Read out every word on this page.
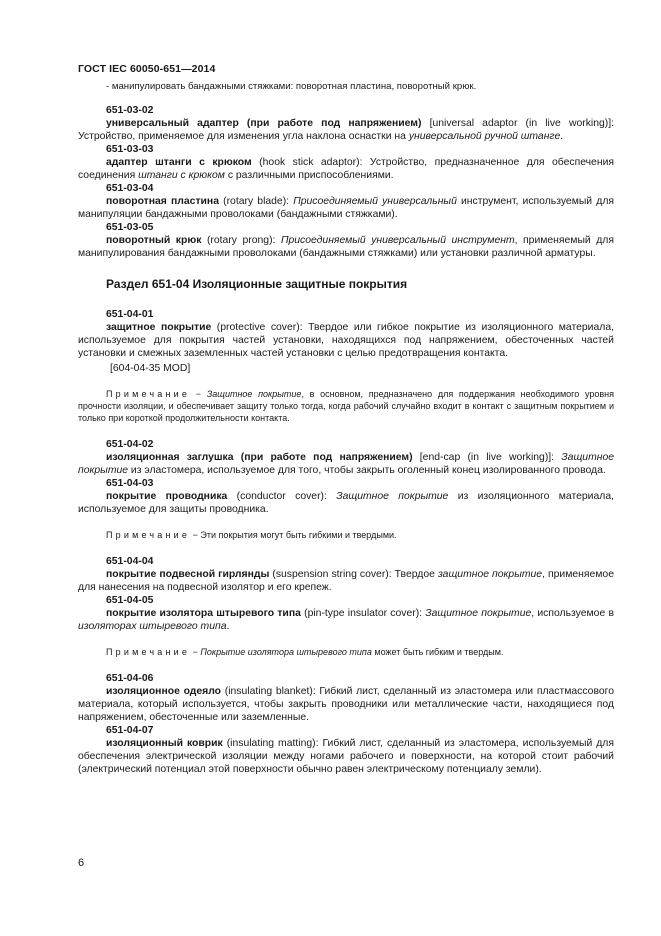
ГОСТ IEC 60050-651—2014

- манипулировать бандажными стяжками: поворотная пластина, поворотный крюк.

651-03-02

универсальный адаптер (при работе под напряжением) [universal adaptor (in live working)]: Устройство, применяемое для изменения угла наклона оснастки на универсальной ручной штанге.

651-03-03

адаптер штанги с крюком (hook stick adaptor): Устройство, предназначенное для обеспечения соединения штанги с крюком с различными приспособлениями.

651-03-04

поворотная пластина (rotary blade): Присоединяемый универсальный инструмент, используемый для манипуляции бандажными проволоками (бандажными стяжками).

651-03-05

поворотный крюк (rotary prong): Присоединяемый универсальный инструмент, применяемый для манипулирования бандажными проволоками (бандажными стяжками) или установки различной арматуры.

Раздел 651-04 Изоляционные защитные покрытия

651-04-01

защитное покрытие (protective cover): Твердое или гибкое покрытие из изоляционного материала, используемое для покрытия частей установки, находящихся под напряжением, обесточенных частей установки и смежных заземленных частей установки с целью предотвращения контакта.

[604-04-35 MOD]

Примечание − Защитное покрытие, в основном, предназначено для поддержания необходимого уровня прочности изоляции, и обеспечивает защиту только тогда, когда рабочий случайно входит в контакт с защитным покрытием и только при короткой продолжительности контакта.

651-04-02

изоляционная заглушка (при работе под напряжением) [end-cap (in live working)]: Защитное покрытие из эластомера, используемое для того, чтобы закрыть оголенный конец изолированного провода.

651-04-03

покрытие проводника (conductor cover): Защитное покрытие из изоляционного материала, используемое для защиты проводника.

Примечание − Эти покрытия могут быть гибкими и твердыми.

651-04-04

покрытие подвесной гирлянды (suspension string cover): Твердое защитное покрытие, применяемое для нанесения на подвесной изолятор и его крепеж.

651-04-05

покрытие изолятора штыревого типа (pin-type insulator cover): Защитное покрытие, используемое в изоляторах штыревого типа.

Примечание − Покрытие изолятора штыревого типа может быть гибким и твердым.

651-04-06

изоляционное одеяло (insulating blanket): Гибкий лист, сделанный из эластомера или пластмассового материала, который используется, чтобы закрыть проводники или металлические части, находящиеся под напряжением, обесточенные или заземленные.

651-04-07

изоляционный коврик (insulating matting): Гибкий лист, сделанный из эластомера, используемый для обеспечения электрической изоляции между ногами рабочего и поверхности, на которой стоит рабочий (электрический потенциал этой поверхности обычно равен электрическому потенциалу земли).

6
